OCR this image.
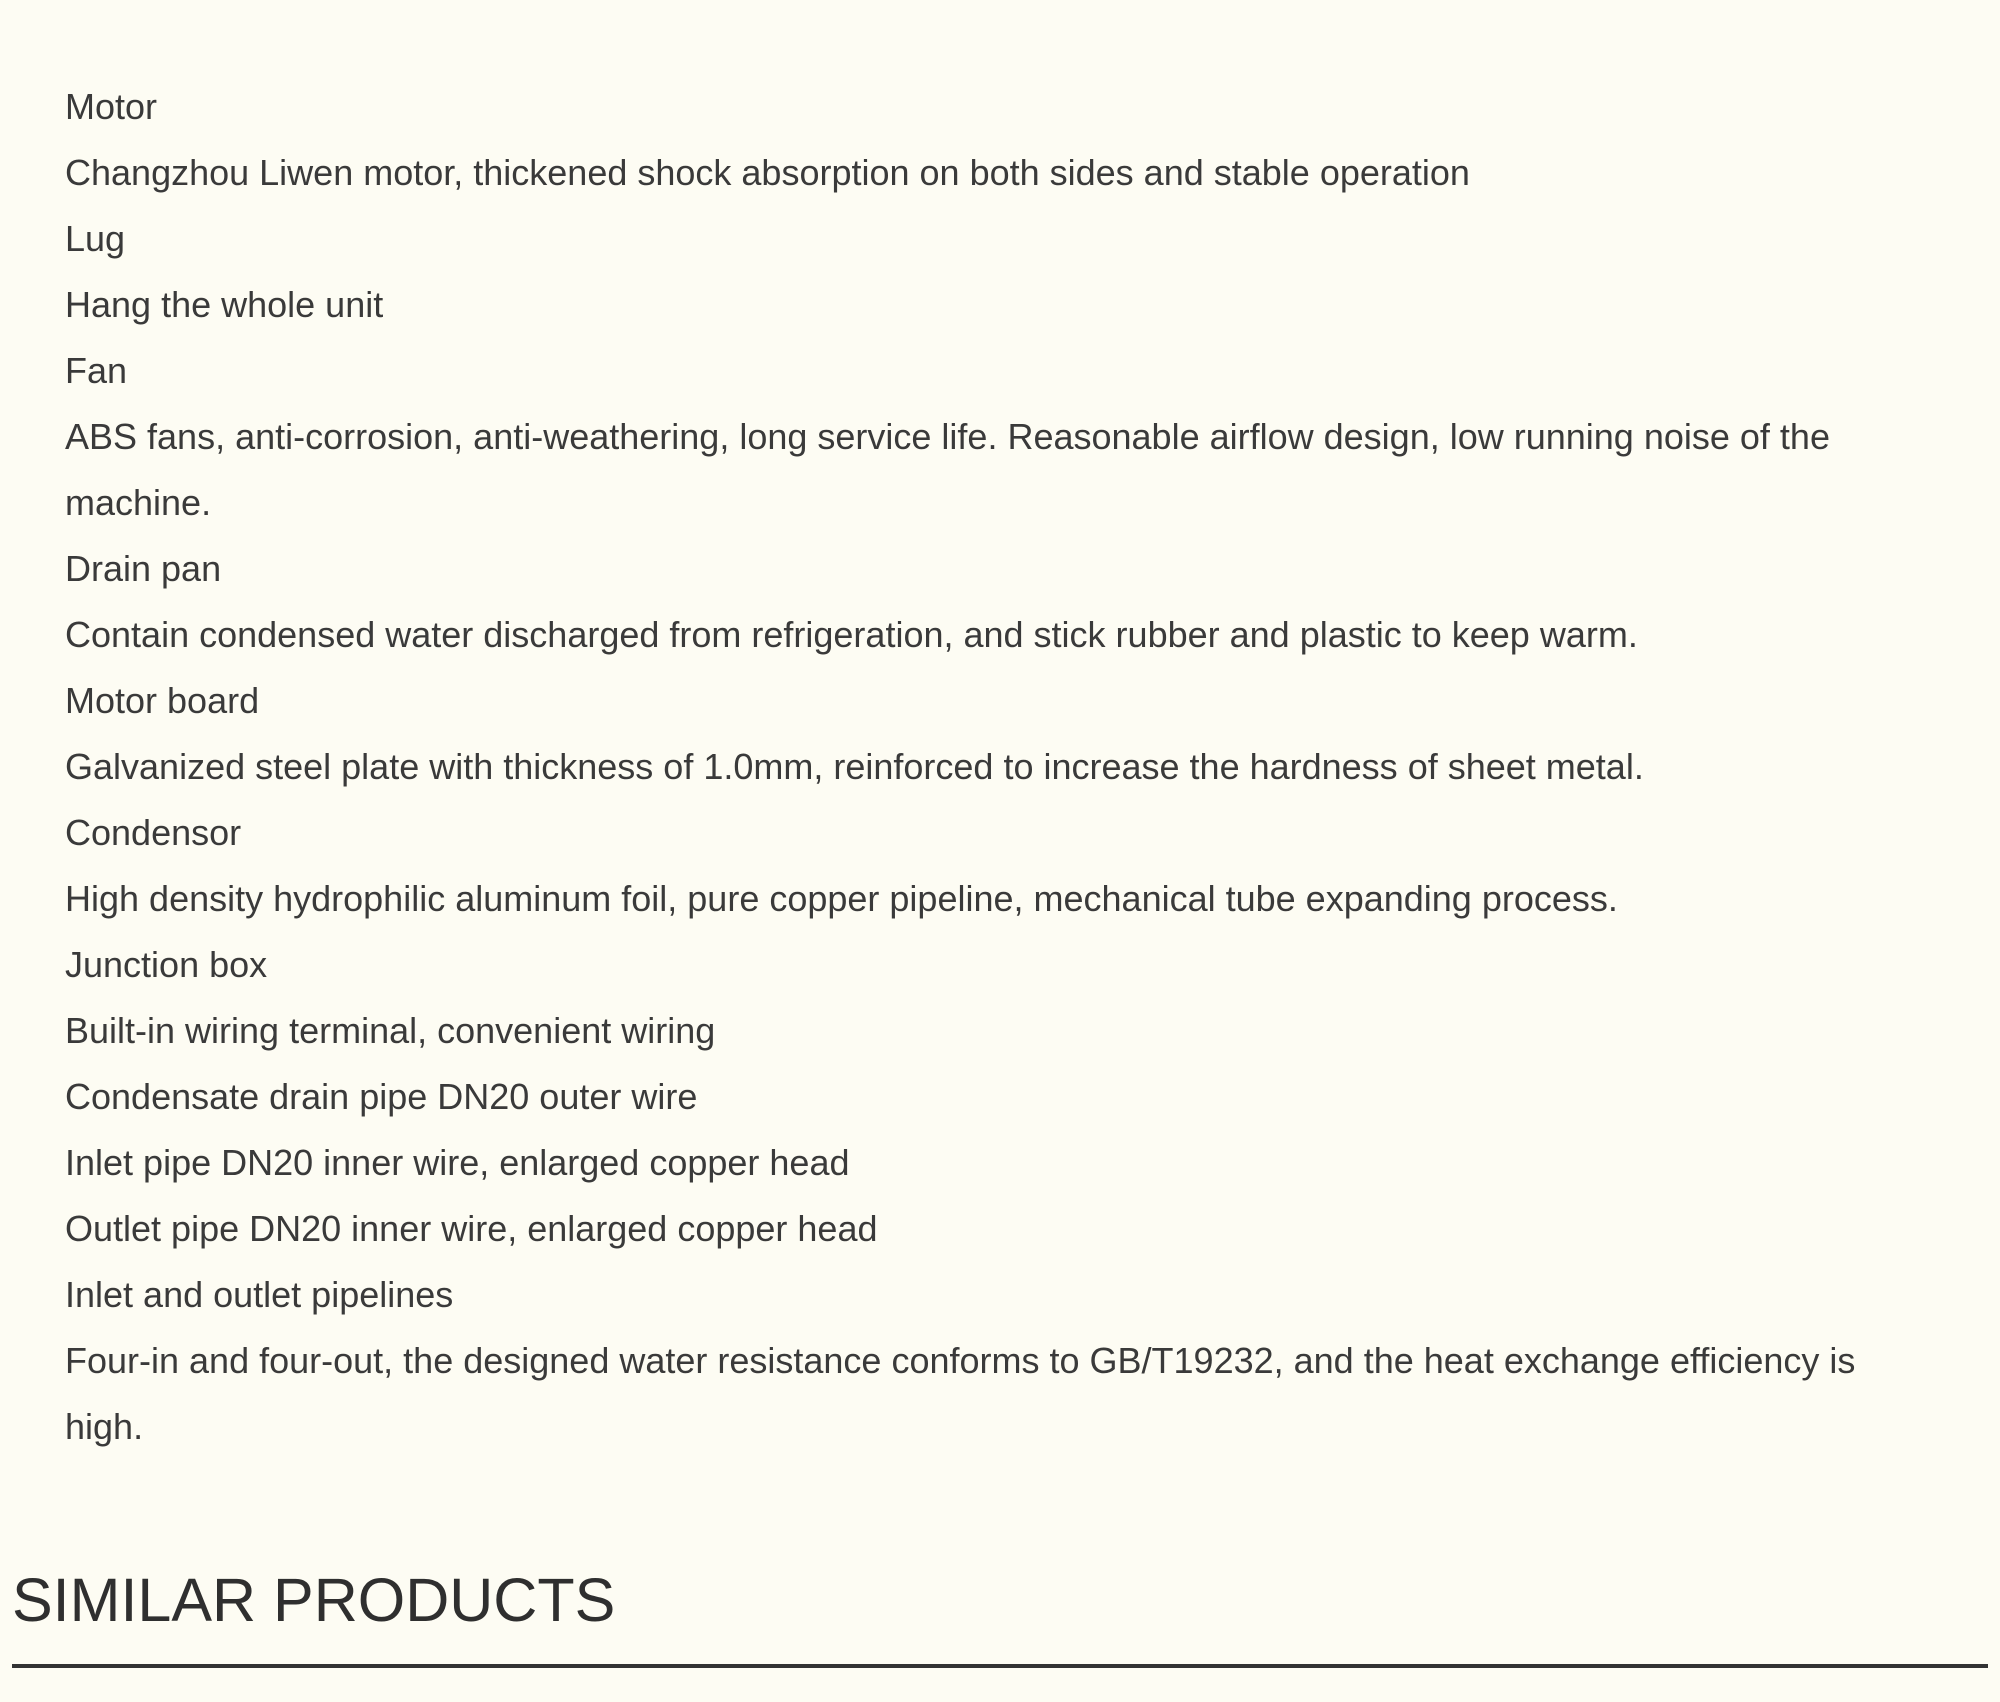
Motor
Changzhou Liwen motor, thickened shock absorption on both sides and stable operation
Lug
Hang the whole unit
Fan
ABS fans, anti-corrosion, anti-weathering, long service life. Reasonable airflow design, low running noise of the
machine.
Drain pan
Contain condensed water discharged from refrigeration, and stick rubber and plastic to keep warm.
Motor board
Galvanized steel plate with thickness of 1.0mm, reinforced to increase the hardness of sheet metal.
Condensor
High density hydrophilic aluminum foil, pure copper pipeline, mechanical tube expanding process.
Junction box
Built-in wiring terminal, convenient wiring
Condensate drain pipe DN20 outer wire
Inlet pipe DN20 inner wire, enlarged copper head
Outlet pipe DN20 inner wire, enlarged copper head
Inlet and outlet pipelines
Four-in and four-out, the designed water resistance conforms to GB/T19232, and the heat exchange efficiency is
high.
SIMILAR PRODUCTS
